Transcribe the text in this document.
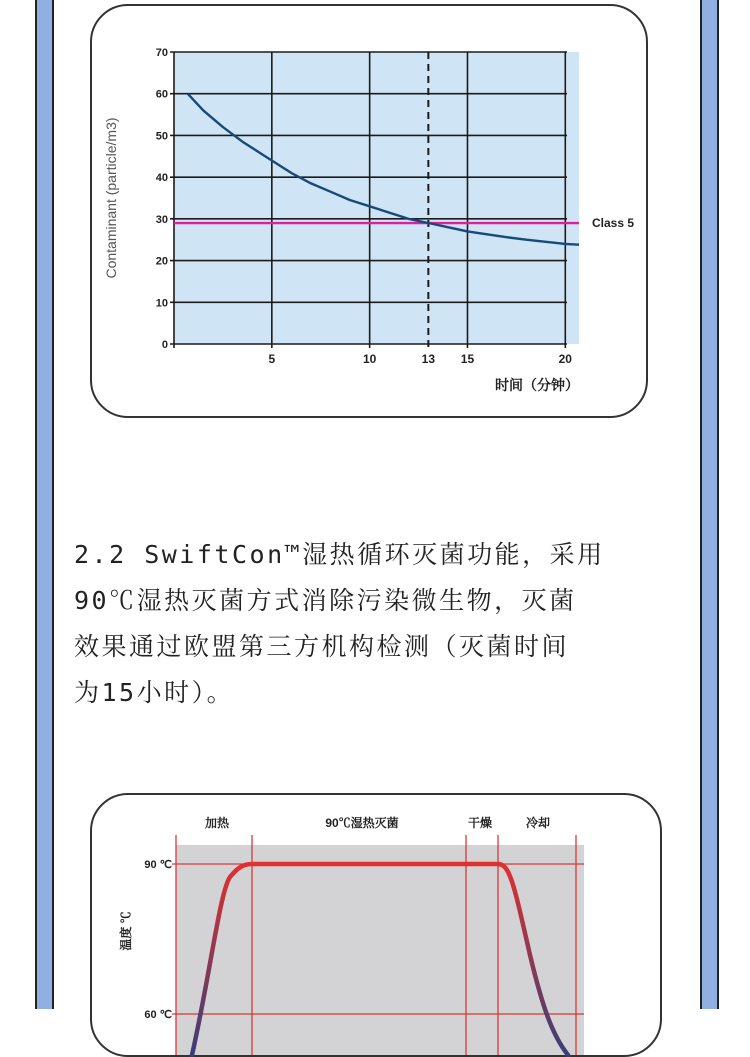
0
10
20
30
40
50
60
70
5	10	13 15	20
Class 5
Contaminant (particle/m3)
时间（分钟）
2.2 SwiftCon™湿热循环灭菌功能，采用
90℃湿热灭菌方式消除污染微生物，灭菌
效果通过欧盟第三方机构检测（灭菌时间
为15小时）。
60 ℃
90 ℃
加热	90℃湿热灭菌	干燥	冷却
温度 ℃
